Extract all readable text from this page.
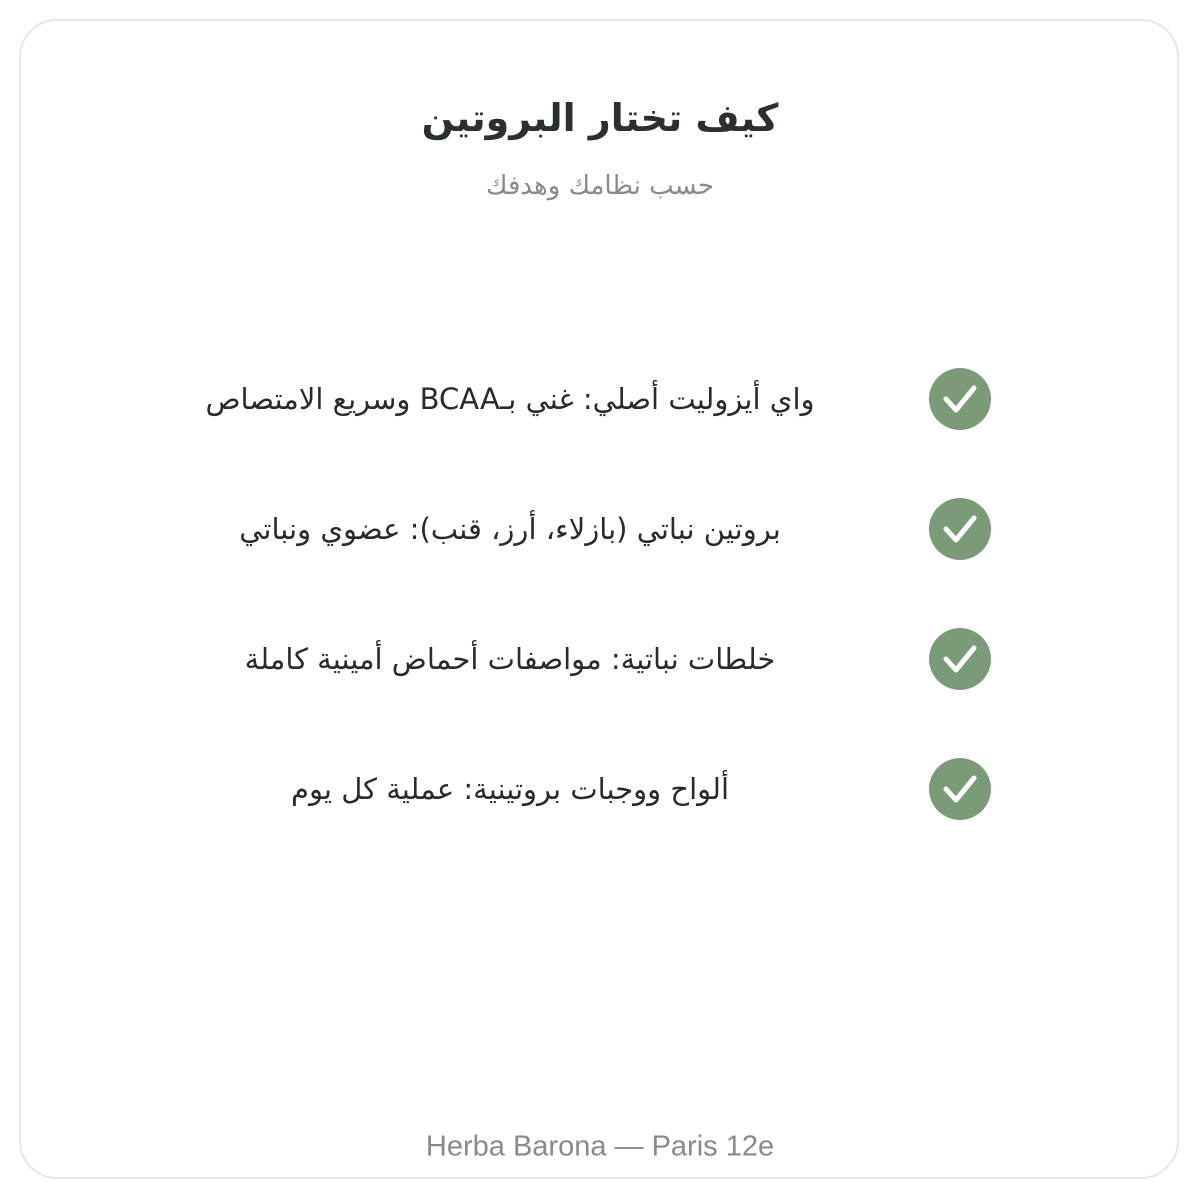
كيف تختار البروتين
حسب نظامك وهدفك
واي أيزوليت أصلي: غني بـBCAA وسريع الامتصاص
بروتين نباتي (بازلاء، أرز، قنب): عضوي ونباتي
خلطات نباتية: مواصفات أحماض أمينية كاملة
ألواح ووجبات بروتينية: عملية كل يوم
Herba Barona — Paris 12e
